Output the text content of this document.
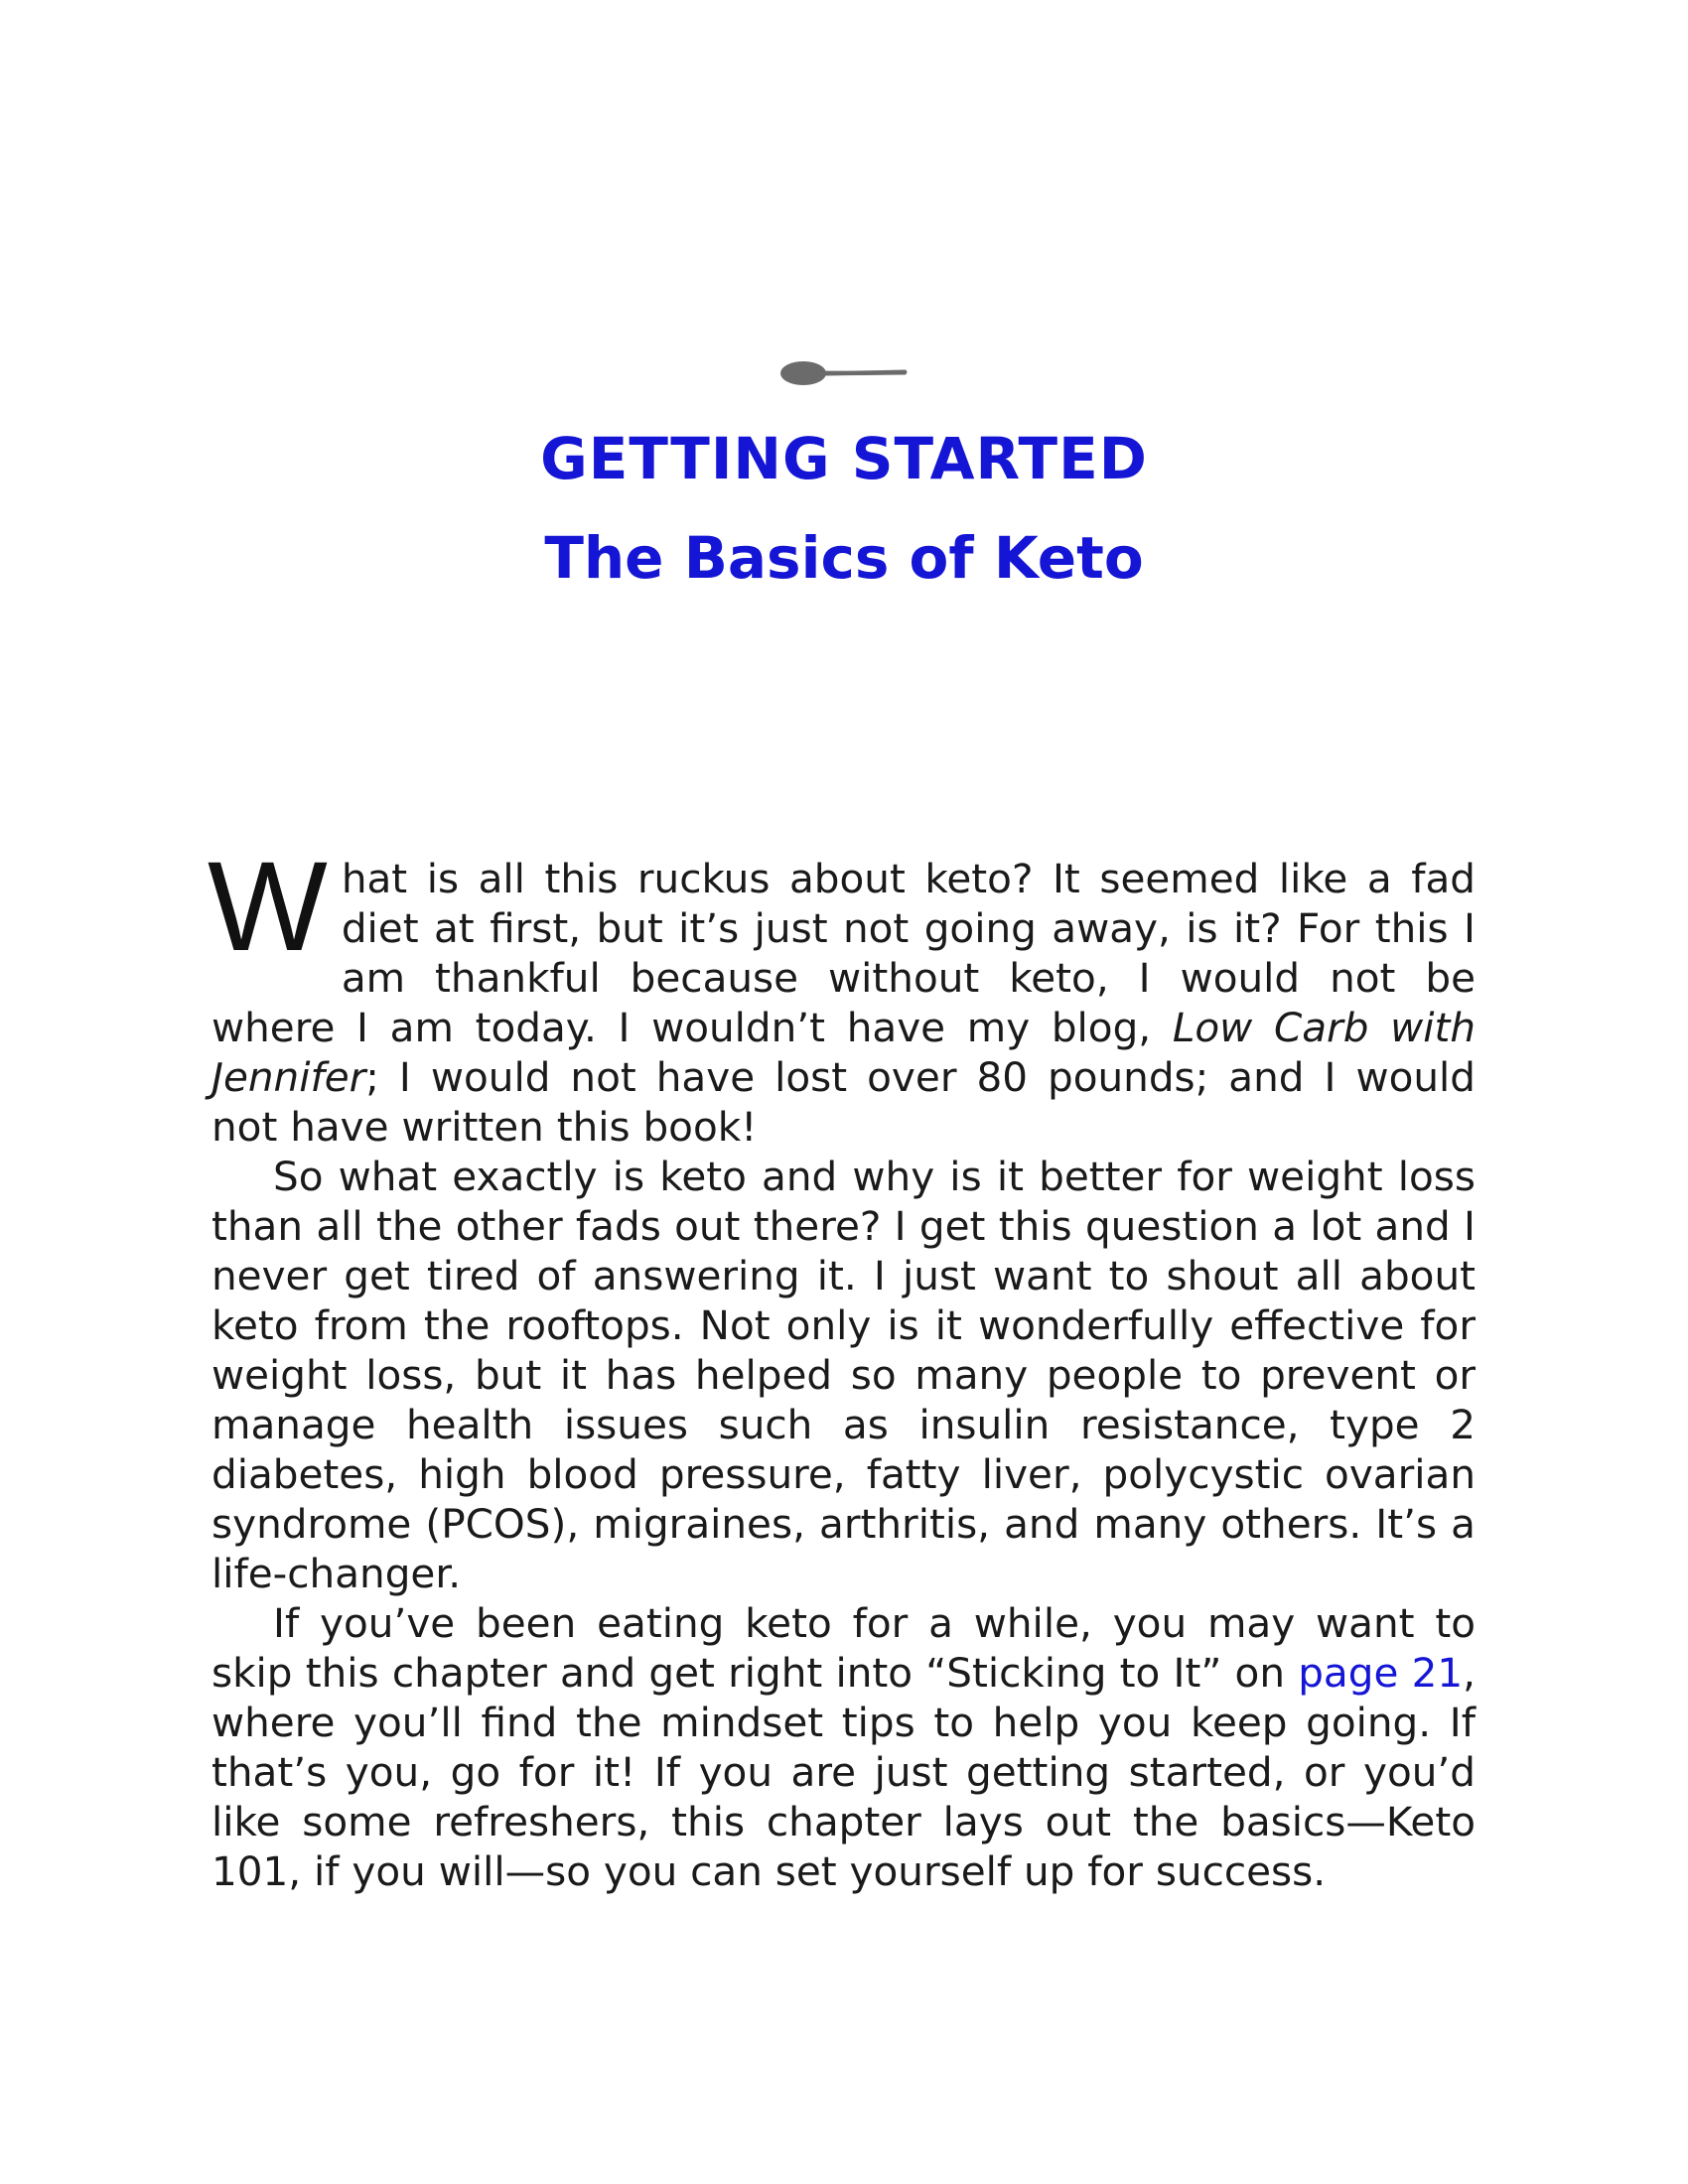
GETTING STARTED
The Basics of Keto

What is all this ruckus about keto? It seemed like a fad diet at first, but it’s just not going away, is it? For this I am thankful because without keto, I would not be where I am today. I wouldn’t have my blog, Low Carb with Jennifer; I would not have lost over 80 pounds; and I would not have written this book!

So what exactly is keto and why is it better for weight loss than all the other fads out there? I get this question a lot and I never get tired of answering it. I just want to shout all about keto from the rooftops. Not only is it wonderfully effective for weight loss, but it has helped so many people to prevent or manage health issues such as insulin resistance, type 2 diabetes, high blood pressure, fatty liver, polycystic ovarian syndrome (PCOS), migraines, arthritis, and many others. It’s a life-changer.

If you’ve been eating keto for a while, you may want to skip this chapter and get right into “Sticking to It” on page 21, where you’ll find the mindset tips to help you keep going. If that’s you, go for it! If you are just getting started, or you’d like some refreshers, this chapter lays out the basics—Keto 101, if you will—so you can set yourself up for success.
